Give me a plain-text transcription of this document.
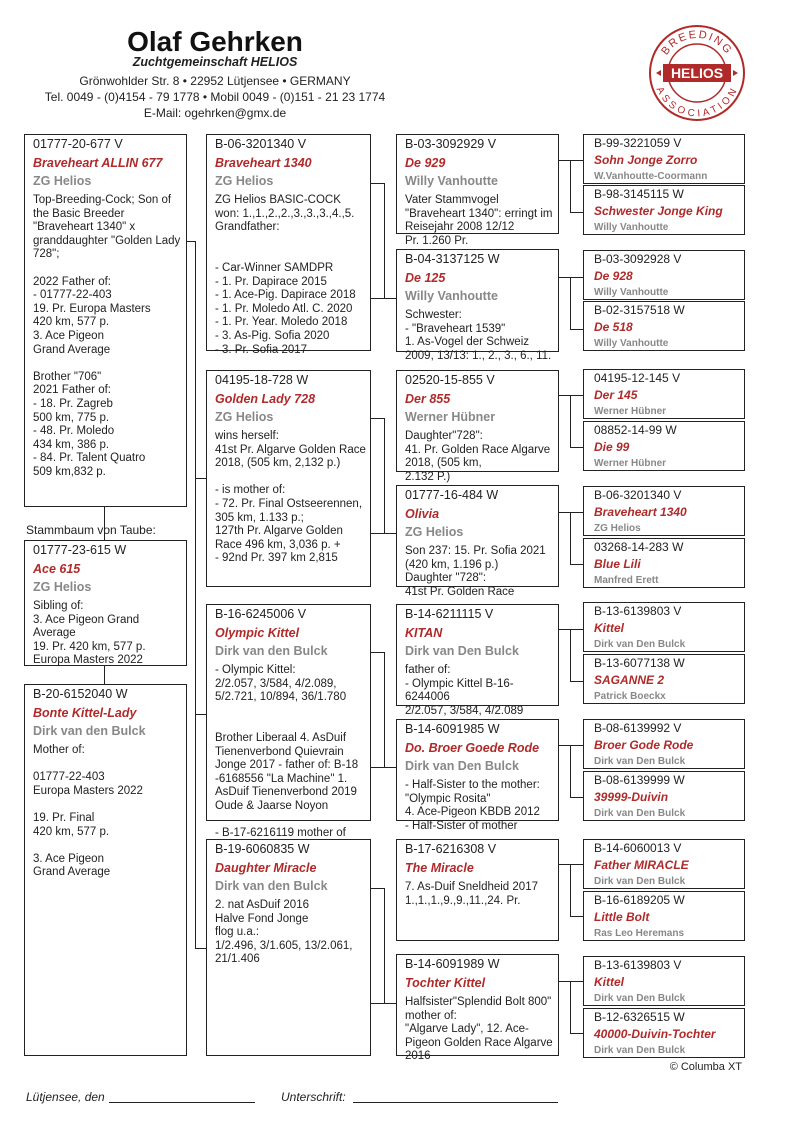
Olaf Gehrken
Zuchtgemeinschaft HELIOS
Grönwohlder Str. 8 • 22952 Lütjensee • GERMANY
Tel. 0049 - (0)4154 - 79 1778 • Mobil 0049 - (0)151 - 21 23 1774
E-Mail: ogehrken@gmx.de
BREEDING
ASSOCIATION
HELIOS
01777-20-677 V
Braveheart ALLIN 677
ZG Helios
Top-Breeding-Cock; Son of the Basic Breeder "Braveheart 1340" x granddaughter "Golden Lady 728";

2022 Father of:
- 01777-22-403
19. Pr. Europa Masters
420 km, 577 p.
3. Ace Pigeon
Grand Average

Brother "706"
2021 Father of:
- 18. Pr. Zagreb
500 km, 775 p.
- 48. Pr. Moledo
434 km, 386 p.
- 84. Pr. Talent Quatro
509 km,832 p.
Stammbaum von Taube:
01777-23-615 W
Ace 615
ZG Helios
Sibling of:
3. Ace Pigeon Grand Average
19. Pr. 420 km, 577 p.
Europa Masters 2022
B-20-6152040 W
Bonte Kittel-Lady
Dirk van den Bulck
Mother of:

01777-22-403
Europa Masters 2022

19. Pr. Final
420 km, 577 p.

3. Ace Pigeon
Grand Average
B-06-3201340 V
Braveheart 1340
ZG Helios
ZG Helios BASIC-COCK
won: 1.,1.,2.,2.,3.,3.,3.,4.,5.
Grandfather:

- Car-Winner SAMDPR
- 1. Pr. Dapirace 2015
- 1. Ace-Pig. Dapirace 2018
- 1. Pr. Moledo Atl. C. 2020
- 1. Pr. Year. Moledo 2018
- 3. As-Pig. Sofia 2020
- 3. Pr. Sofia 2017
04195-18-728 W
Golden Lady 728
ZG Helios
wins herself:
41st Pr. Algarve Golden Race 2018, (505 km, 2,132 p.)

- is mother of:
- 72. Pr. Final Ostseerennen, 305 km, 1.133 p.;
127th Pr. Algarve Golden Race 496 km, 3,036 p. +
- 92nd Pr. 397 km 2,815
B-16-6245006 V
Olympic Kittel
Dirk van den Bulck
- Olympic Kittel:
2/2.057, 3/584, 4/2.089, 5/2.721, 10/894, 36/1.780

Brother Liberaal 4. AsDuif Tienenverbond Quievrain Jonge 2017 - father of: B-18 -6168556 "La Machine" 1. AsDuif Tienenverbond 2019 Oude & Jaarse Noyon

- B-17-6216119 mother of
B-19-6060835 W
Daughter Miracle
Dirk van den Bulck
2. nat AsDuif 2016
Halve Fond Jonge
flog u.a.:
1/2.496, 3/1.605, 13/2.061, 21/1.406
B-03-3092929 V
De 929
Willy Vanhoutte
Vater Stammvogel
"Braveheart 1340": erringt im Reisejahr 2008 12/12
Pr. 1.260 Pr.
B-04-3137125 W
De 125
Willy Vanhoutte
Schwester:
- "Braveheart 1539"
1. As-Vogel der Schweiz
2009, 13/13: 1., 2., 3., 6., 11.
02520-15-855 V
Der 855
Werner Hübner
Daughter"728":
41. Pr. Golden Race Algarve 2018, (505 km,
2.132 P.)
01777-16-484 W
Olivia
ZG Helios
Son 237: 15. Pr. Sofia 2021 (420 km, 1.196 p.)
Daughter "728":
41st Pr. Golden Race
B-14-6211115 V
KITAN
Dirk van Den Bulck
father of:
- Olympic Kittel B-16-6244006
2/2.057, 3/584, 4/2.089
B-14-6091985 W
Do. Broer Goede Rode
Dirk van Den Bulck
- Half-Sister to the mother: "Olympic Rosita"
4. Ace-Pigeon KBDB 2012
- Half-Sister of mother
B-17-6216308 V
The Miracle
7. As-Duif Sneldheid 2017
1.,1.,1.,9.,9.,11.,24. Pr.
B-14-6091989 W
Tochter Kittel
Halfsister"Splendid Bolt 800" mother of:
"Algarve Lady", 12. Ace-Pigeon Golden Race Algarve 2016
B-99-3221059 V
Sohn Jonge Zorro
W.Vanhoutte-Coormann
B-98-3145115 W
Schwester Jonge King
Willy Vanhoutte
B-03-3092928 V
De 928
Willy Vanhoutte
B-02-3157518 W
De 518
Willy Vanhoutte
04195-12-145 V
Der 145
Werner Hübner
08852-14-99 W
Die 99
Werner Hübner
B-06-3201340 V
Braveheart 1340
ZG Helios
03268-14-283 W
Blue Lili
Manfred Erett
B-13-6139803 V
Kittel
Dirk van Den Bulck
B-13-6077138 W
SAGANNE 2
Patrick Boeckx
B-08-6139992 V
Broer Gode Rode
Dirk van Den Bulck
B-08-6139999 W
39999-Duivin
Dirk van Den Bulck
B-14-6060013 V
Father MIRACLE
Dirk van Den Bulck
B-16-6189205 W
Little Bolt
Ras Leo Heremans
B-13-6139803 V
Kittel
Dirk van Den Bulck
B-12-6326515 W
40000-Duivin-Tochter
Dirk van Den Bulck
© Columba XT
Lütjensee, den	Unterschrift:
